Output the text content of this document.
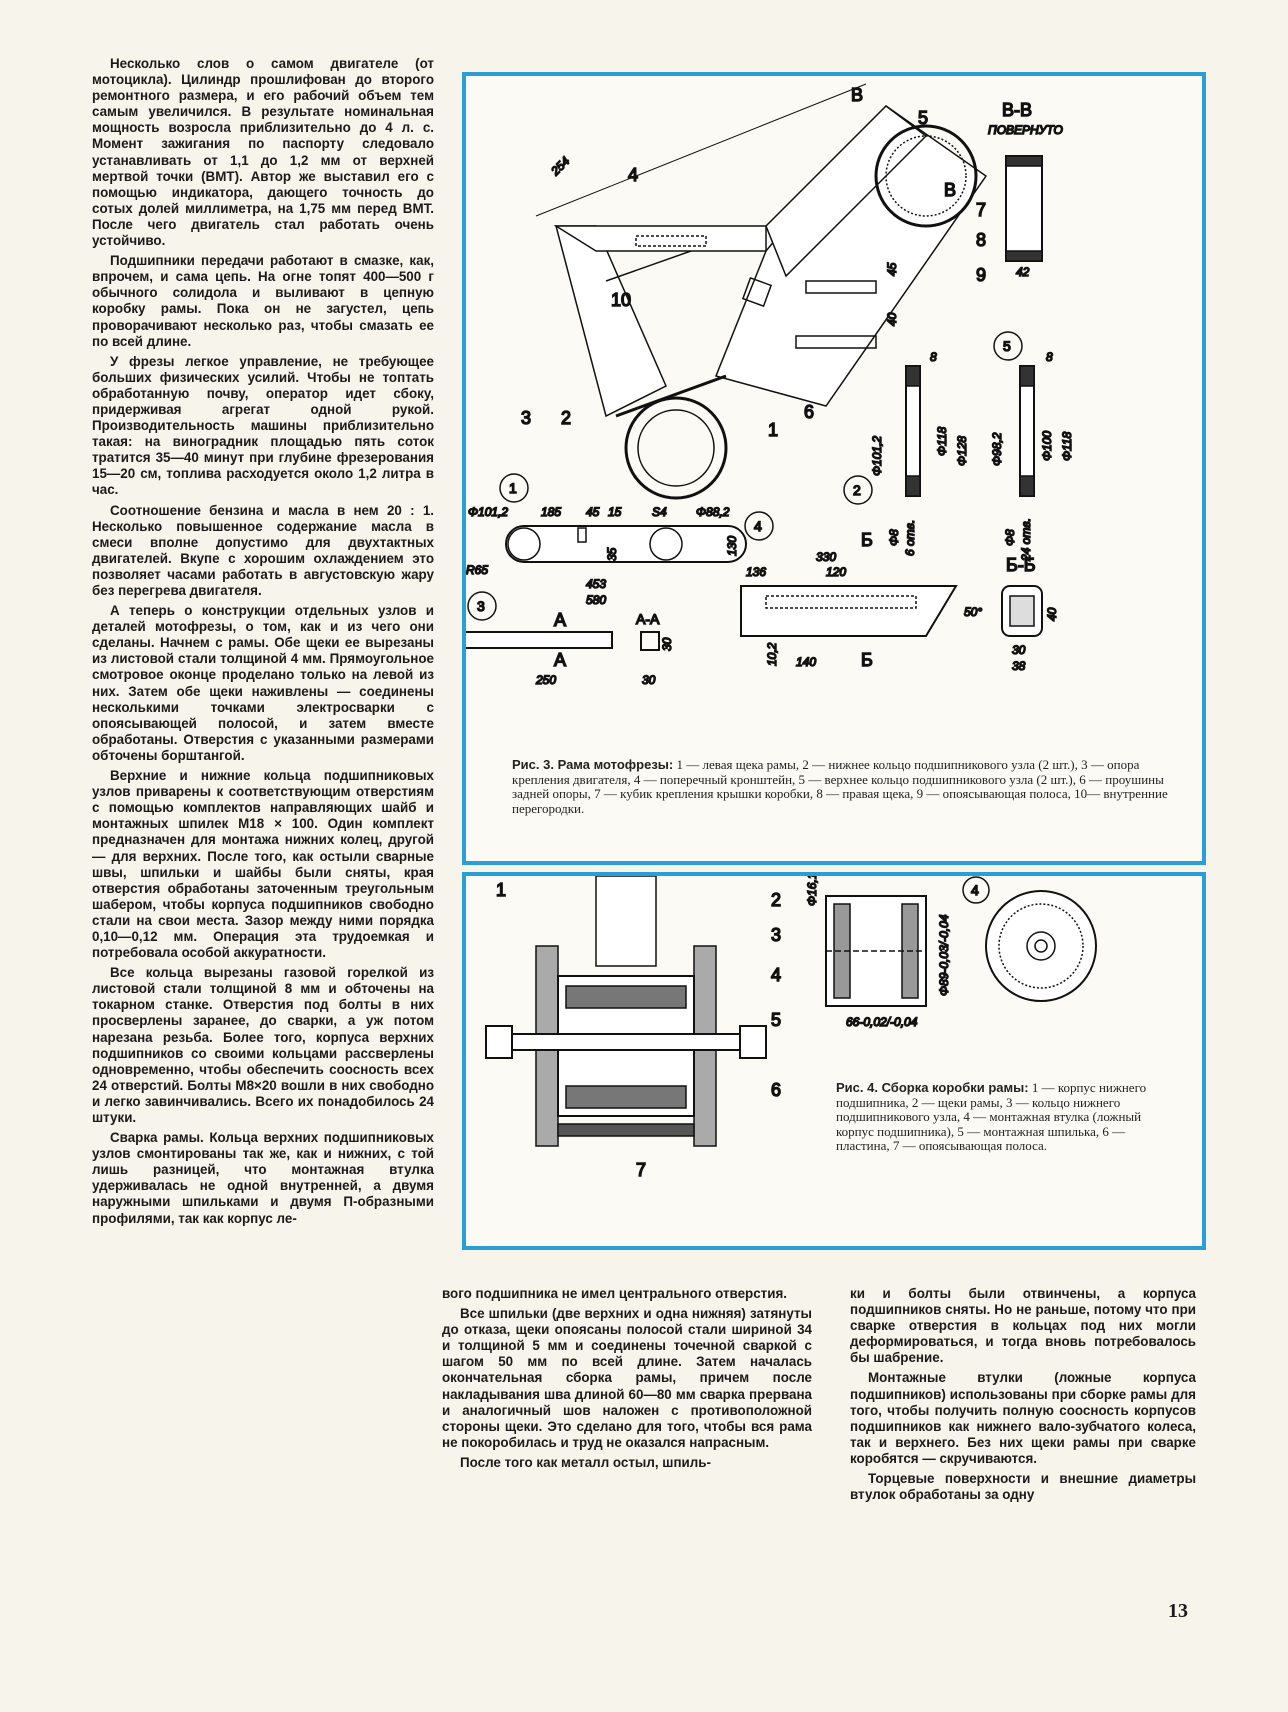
Несколько слов о самом двигателе (от мотоцикла). Цилиндр прошлифован до второго ремонтного размера, и его рабочий объем тем самым увеличился. В результате номинальная мощность возросла приблизительно до 4 л. с. Момент зажигания по паспорту следовало устанавливать от 1,1 до 1,2 мм от верхней мертвой точки (ВМТ). Автор же выставил его с помощью индикатора, дающего точность до сотых долей миллиметра, на 1,75 мм перед ВМТ. После чего двигатель стал работать очень устойчиво.

Подшипники передачи работают в смазке, как, впрочем, и сама цепь. На огне топят 400—500 г обычного солидола и выливают в цепную коробку рамы. Пока он не загустел, цепь проворачивают несколько раз, чтобы смазать ее по всей длине.

У фрезы легкое управление, не требующее больших физических усилий. Чтобы не топтать обработанную почву, оператор идет сбоку, придерживая агрегат одной рукой. Производительность машины приблизительно такая: на виноградник площадью пять соток тратится 35—40 минут при глубине фрезерования 15—20 см, топлива расходуется около 1,2 литра в час.

Соотношение бензина и масла в нем 20 : 1. Несколько повышенное содержание масла в смеси вполне допустимо для двухтактных двигателей. Вкупе с хорошим охлаждением это позволяет часами работать в августовскую жару без перегрева двигателя.

А теперь о конструкции отдельных узлов и деталей мотофрезы, о том, как и из чего они сделаны. Начнем с рамы. Обе щеки ее вырезаны из листовой стали толщиной 4 мм. Прямоугольное смотровое оконце проделано только на левой из них. Затем обе щеки наживлены — соединены несколькими точками электросварки с опоясывающей полосой, и затем вместе обработаны. Отверстия с указанными размерами обточены борштангой.

Верхние и нижние кольца подшипниковых узлов приварены к соответствующим отверстиям с помощью комплектов направляющих шайб и монтажных шпилек М18 × 100. Один комплект предназначен для монтажа нижних колец, другой — для верхних. После того, как остыли сварные швы, шпильки и шайбы были сняты, края отверстия обработаны заточенным треугольным шабером, чтобы корпуса подшипников свободно стали на свои места. Зазор между ними порядка 0,10—0,12 мм. Операция эта трудоемкая и потребовала особой аккуратности.

Все кольца вырезаны газовой горелкой из листовой стали толщиной 8 мм и обточены на токарном станке. Отверстия под болты в них просверлены заранее, до сварки, а уж потом нарезана резьба. Более того, корпуса верхних подшипников со своими кольцами рассверлены одновременно, чтобы обеспечить соосность всех 24 отверстий. Болты М8×20 вошли в них свободно и легко завинчивались. Всего их понадобилось 24 штуки.

Сварка рамы. Кольца верхних подшипниковых узлов смонтированы так же, как и нижних, с той лишь разницей, что монтажная втулка удерживалась не одной внутренней, а двумя наружными шпильками и двумя П-образными профилями, так как корпус ле-

5
4
10
3 2
1
6
254
45
40
В
В
В-В
ПОВЕРНУТО
7
8
9 42
8
Φ101,2	Φ118 Φ128
Φ8 6 отв.
2
5
8
Φ98,2	Φ100 Φ118
Φ8 24 отв.
1
Φ101,2	185 45 15	S4 Φ88,2
R65
35	130
453
580
3
А
А
250
А-А
30
30
4
330
Б
136	120
50°
10,2 140 Б
Б-Б
40
30
38
Рис. 3. Рама мотофрезы: 1 — левая щека рамы, 2 — нижнее кольцо подшипникового узла (2 шт.), 3 — опора крепления двигателя, 4 — поперечный кронштейн, 5 — верхнее кольцо подшипникового узла (2 шт.), 6 — проушины задней опоры, 7 — кубик крепления крышки коробки, 8 — правая щека, 9 — опоясывающая полоса, 10— внутренние перегородки.
1	2
3
4
5
6
7
Φ16,1
Φ89-0,03/-0,04
66-0,02/-0,04
4
Рис. 4. Сборка коробки рамы: 1 — корпус нижнего подшипника, 2 — щеки рамы, 3 — кольцо нижнего подшипникового узла, 4 — монтажная втулка (ложный корпус подшипника), 5 — монтажная шпилька, 6 — пластина, 7 — опоясывающая полоса.

вого подшипника не имел центрального отверстия.

Все шпильки (две верхних и одна нижняя) затянуты до отказа, щеки опоясаны полосой стали шириной 34 и толщиной 5 мм и соединены точечной сваркой с шагом 50 мм по всей длине. Затем началась окончательная сборка рамы, причем после накладывания шва длиной 60—80 мм сварка прервана и аналогичный шов наложен с противоположной стороны щеки. Это сделано для того, чтобы вся рама не покоробилась и труд не оказался напрасным.

После того как металл остыл, шпиль-

ки и болты были отвинчены, а корпуса подшипников сняты. Но не раньше, потому что при сварке отверстия в кольцах под них могли деформироваться, и тогда вновь потребовалось бы шабрение.

Монтажные втулки (ложные корпуса подшипников) использованы при сборке рамы для того, чтобы получить полную соосность корпусов подшипников как нижнего вало-зубчатого колеса, так и верхнего. Без них щеки рамы при сварке коробятся — скручиваются.

Торцевые поверхности и внешние диаметры втулок обработаны за одну

13
